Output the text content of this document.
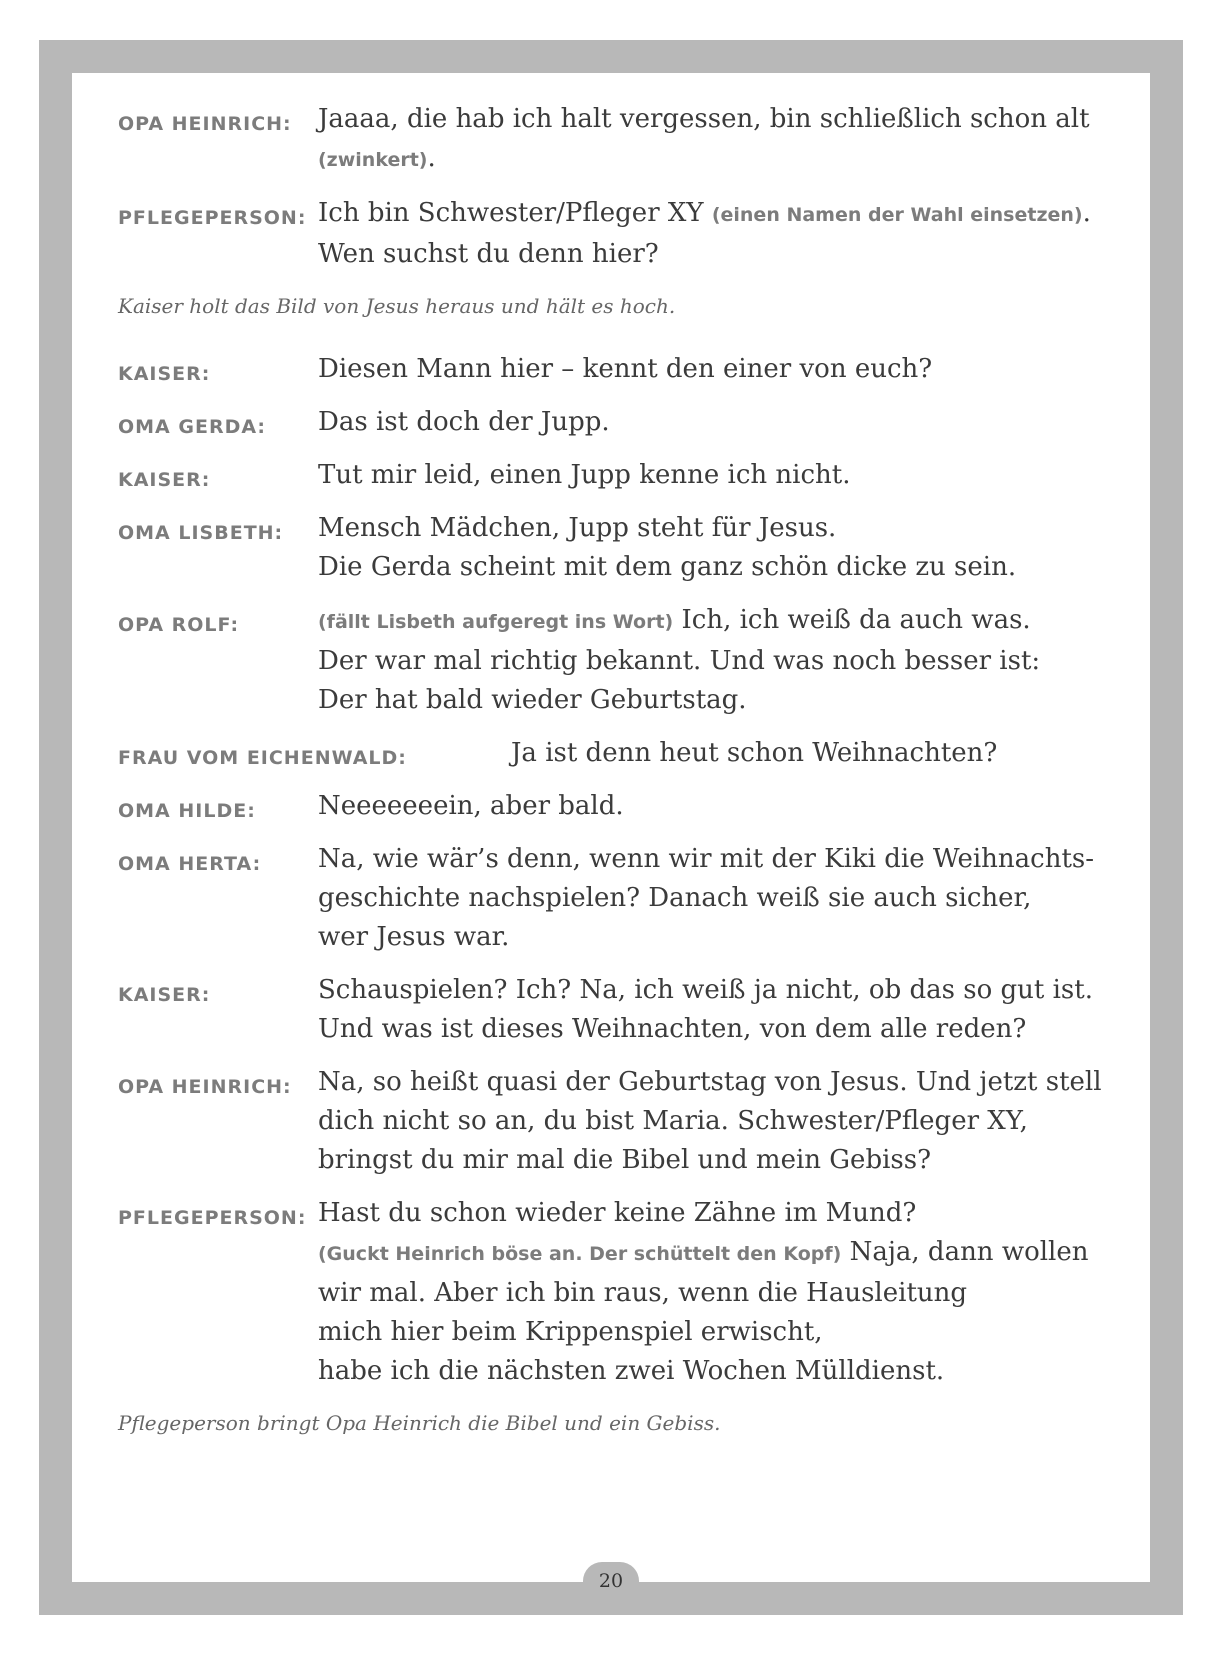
OPA HEINRICH:	Jaaaa, die hab ich halt vergessen, bin schließlich schon alt
(zwinkert).
PFLEGEPERSON: Ich bin Schwester/Pfleger XY (einen Namen der Wahl einsetzen).
Wen suchst du denn hier?
Kaiser holt das Bild von Jesus heraus und hält es hoch.
KAISER:	Diesen Mann hier – kennt den einer von euch?
OMA GERDA:	Das ist doch der Jupp.
KAISER:	Tut mir leid, einen Jupp kenne ich nicht.
OMA LISBETH:	Mensch Mädchen, Jupp steht für Jesus.
Die Gerda scheint mit dem ganz schön dicke zu sein.
OPA ROLF:	(fällt Lisbeth aufgeregt ins Wort) Ich, ich weiß da auch was.
Der war mal richtig bekannt. Und was noch besser ist:
Der hat bald wieder Geburtstag.
FRAU VOM EICHENWALD:	Ja ist denn heut schon Weihnachten?
OMA HILDE:	Neeeeeeein, aber bald.
OMA HERTA:	Na, wie wär’s denn, wenn wir mit der Kiki die Weihnachts-
geschichte nachspielen? Danach weiß sie auch sicher,
wer Jesus war.
KAISER:	Schauspielen? Ich? Na, ich weiß ja nicht, ob das so gut ist.
Und was ist dieses Weihnachten, von dem alle reden?
OPA HEINRICH:	Na, so heißt quasi der Geburtstag von Jesus. Und jetzt stell
dich nicht so an, du bist Maria. Schwester/Pfleger XY,
bringst du mir mal die Bibel und mein Gebiss?
PFLEGEPERSON: Hast du schon wieder keine Zähne im Mund?
(Guckt Heinrich böse an. Der schüttelt den Kopf) Naja, dann wollen
wir mal. Aber ich bin raus, wenn die Hausleitung
mich hier beim Krippenspiel erwischt,
habe ich die nächsten zwei Wochen Mülldienst.
Pflegeperson bringt Opa Heinrich die Bibel und ein Gebiss.
20
